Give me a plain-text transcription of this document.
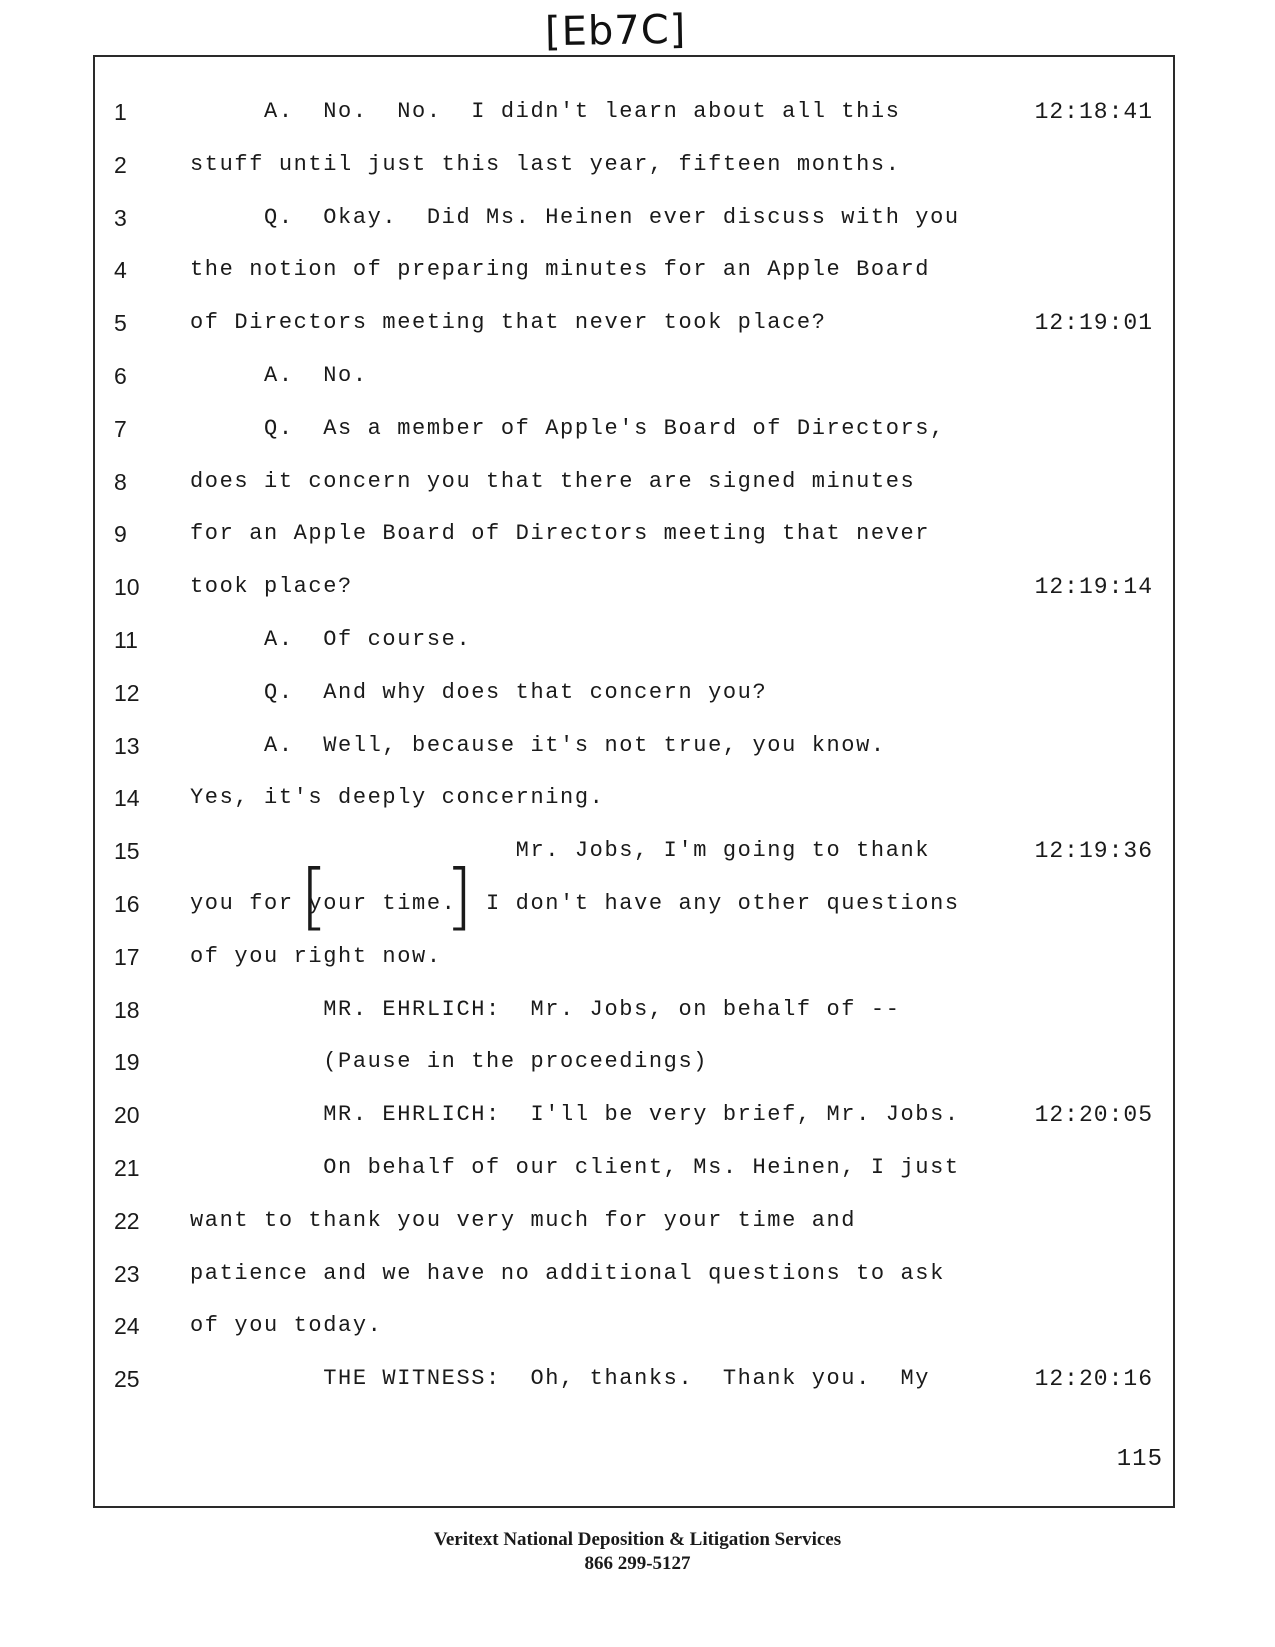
[Eb7C]
1	A.  No.  No.  I didn't learn about all this	12:18:41
2	stuff until just this last year, fifteen months.
3	Q.  Okay.  Did Ms. Heinen ever discuss with you
4	the notion of preparing minutes for an Apple Board
5	of Directors meeting that never took place?	12:19:01
6	A.  No.
7	Q.  As a member of Apple's Board of Directors,
8	does it concern you that there are signed minutes
9	for an Apple Board of Directors meeting that never
10	took place?	12:19:14
11	A.  Of course.
12	Q.  And why does that concern you?
13	A.  Well, because it's not true, you know.
14	Yes, it's deeply concerning.
15	Mr. Jobs, I'm going to thank	12:19:36
16	you for your time.  I don't have any other questions
17	of you right now.
18	MR. EHRLICH:  Mr. Jobs, on behalf of --
19	(Pause in the proceedings)
20	MR. EHRLICH:  I'll be very brief, Mr. Jobs.	12:20:05
21	On behalf of our client, Ms. Heinen, I just
22	want to thank you very much for your time and
23	patience and we have no additional questions to ask
24	of you today.
25	THE WITNESS:  Oh, thanks.  Thank you.  My	12:20:16
[ ]
115
Veritext National Deposition & Litigation Services
866 299-5127
